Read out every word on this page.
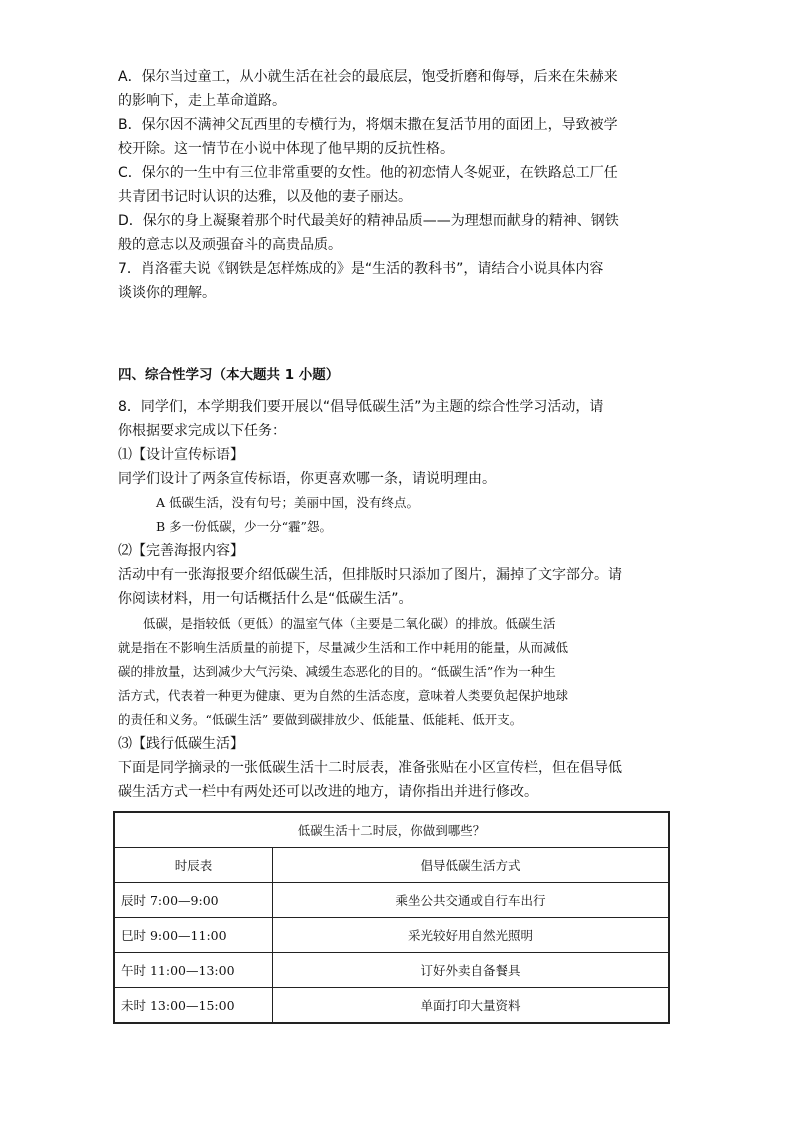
A．保尔当过童工，从小就生活在社会的最底层，饱受折磨和侮辱，后来在朱赫来
的影响下，走上革命道路。
B．保尔因不满神父瓦西里的专横行为，将烟末撒在复活节用的面团上，导致被学
校开除。这一情节在小说中体现了他早期的反抗性格。
C．保尔的一生中有三位非常重要的女性。他的初恋情人冬妮亚，在铁路总工厂任
共青团书记时认识的达雅，以及他的妻子丽达。
D．保尔的身上凝聚着那个时代最美好的精神品质——为理想而献身的精神、钢铁
般的意志以及顽强奋斗的高贵品质。
7．肖洛霍夫说《钢铁是怎样炼成的》是“生活的教科书”，请结合小说具体内容
谈谈你的理解。
四、综合性学习（本大题共 1 小题）
8．同学们，本学期我们要开展以“倡导低碳生活”为主题的综合性学习活动，请
你根据要求完成以下任务：
⑴【设计宣传标语】
同学们设计了两条宣传标语，你更喜欢哪一条，请说明理由。
A 低碳生活，没有句号；美丽中国，没有终点。
B 多一份低碳，少一分“霾”怨。
⑵【完善海报内容】
活动中有一张海报要介绍低碳生活，但排版时只添加了图片，漏掉了文字部分。请
你阅读材料，用一句话概括什么是“低碳生活”。
　　低碳，是指较低（更低）的温室气体（主要是二氧化碳）的排放。低碳生活
就是指在不影响生活质量的前提下，尽量减少生活和工作中耗用的能量，从而减低
碳的排放量，达到减少大气污染、减缓生态恶化的目的。“低碳生活”作为一种生
活方式，代表着一种更为健康、更为自然的生活态度，意味着人类要负起保护地球
的责任和义务。“低碳生活” 要做到碳排放少、低能量、低能耗、低开支。
⑶【践行低碳生活】
下面是同学摘录的一张低碳生活十二时辰表，准备张贴在小区宣传栏，但在倡导低
碳生活方式一栏中有两处还可以改进的地方，请你指出并进行修改。
低碳生活十二时辰，你做到哪些？	
时辰表	倡导低碳生活方式
辰时 7:00—9:00	乘坐公共交通或自行车出行
巳时 9:00—11:00	采光较好用自然光照明
午时 11:00—13:00	订好外卖自备餐具
未时 13:00—15:00	单面打印大量资料
